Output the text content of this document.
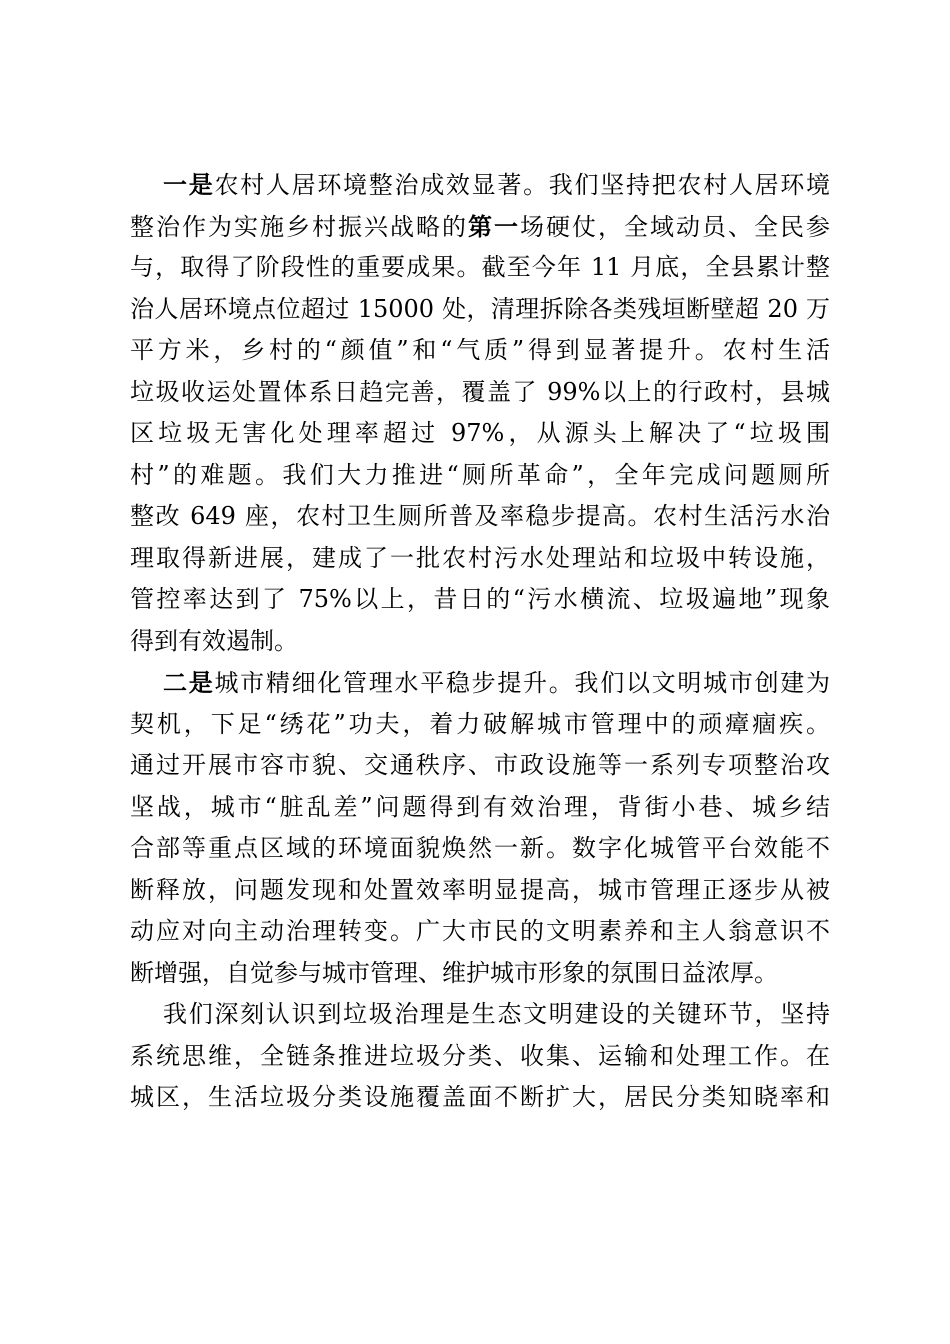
一是农村人居环境整治成效显著。我们坚持把农村人居环境
整治作为实施乡村振兴战略的第一场硬仗，全域动员、全民参
与，取得了阶段性的重要成果。截至今年 11 月底，全县累计整
治人居环境点位超过 15000 处，清理拆除各类残垣断壁超 20 万
平方米，乡村的“颜值”和“气质”得到显著提升。农村生活
垃圾收运处置体系日趋完善，覆盖了 99%以上的行政村，县城
区垃圾无害化处理率超过 97%，从源头上解决了“垃圾围
村”的难题。我们大力推进“厕所革命”，全年完成问题厕所
整改 649 座，农村卫生厕所普及率稳步提高。农村生活污水治
理取得新进展，建成了一批农村污水处理站和垃圾中转设施，
管控率达到了 75%以上，昔日的“污水横流、垃圾遍地”现象
得到有效遏制。
二是城市精细化管理水平稳步提升。我们以文明城市创建为
契机，下足“绣花”功夫，着力破解城市管理中的顽瘴痼疾。
通过开展市容市貌、交通秩序、市政设施等一系列专项整治攻
坚战，城市“脏乱差”问题得到有效治理，背街小巷、城乡结
合部等重点区域的环境面貌焕然一新。数字化城管平台效能不
断释放，问题发现和处置效率明显提高，城市管理正逐步从被
动应对向主动治理转变。广大市民的文明素养和主人翁意识不
断增强，自觉参与城市管理、维护城市形象的氛围日益浓厚。
我们深刻认识到垃圾治理是生态文明建设的关键环节，坚持
系统思维，全链条推进垃圾分类、收集、运输和处理工作。在
城区，生活垃圾分类设施覆盖面不断扩大，居民分类知晓率和
